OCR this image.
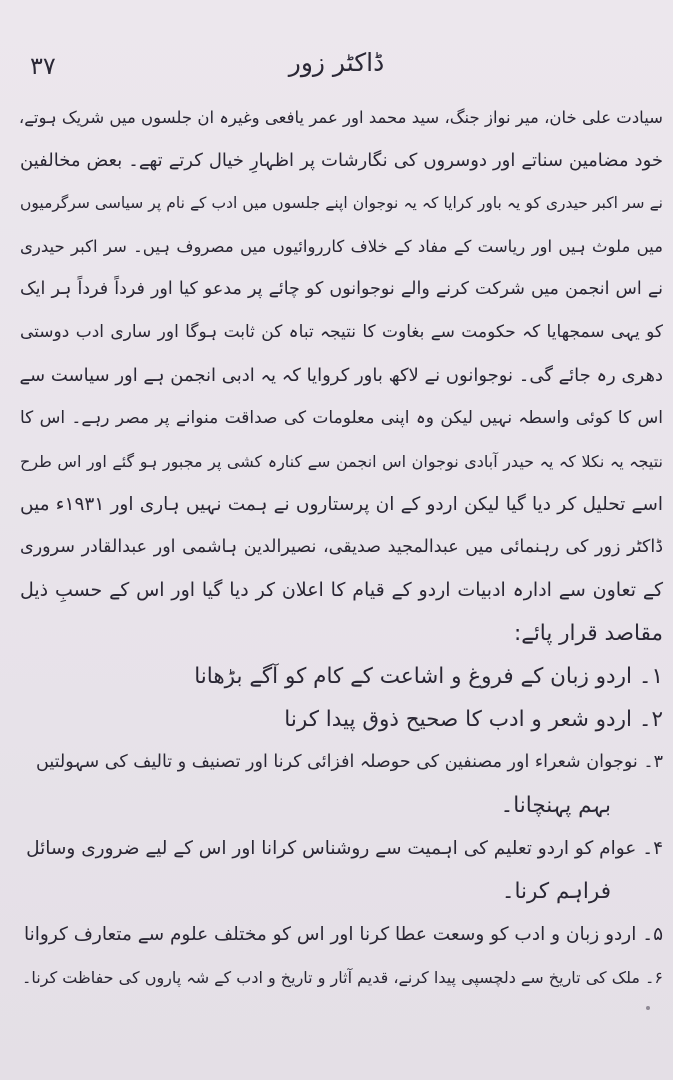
۳۷	ڈاکٹر زور
سیادت علی خان، میر نواز جنگ، سید محمد اور عمر یافعی وغیرہ ان جلسوں میں شریک ہوتے،
خود مضامین سناتے اور دوسروں کی نگارشات پر اظہارِ خیال کرتے تھے۔ بعض مخالفین
نے سر اکبر حیدری کو یہ باور کرایا کہ یہ نوجوان اپنے جلسوں میں ادب کے نام پر سیاسی سرگرمیوں
میں ملوث ہیں اور ریاست کے مفاد کے خلاف کارروائیوں میں مصروف ہیں۔ سر اکبر حیدری
نے اس انجمن میں شرکت کرنے والے نوجوانوں کو چائے پر مدعو کیا اور فرداً فرداً ہر ایک
کو یہی سمجھایا کہ حکومت سے بغاوت کا نتیجہ تباہ کن ثابت ہوگا اور ساری ادب دوستی
دھری رہ جائے گی۔ نوجوانوں نے لاکھ باور کروایا کہ یہ ادبی انجمن ہے اور سیاست سے
اس کا کوئی واسطہ نہیں لیکن وہ اپنی معلومات کی صداقت منوانے پر مصر رہے۔ اس کا
نتیجہ یہ نکلا کہ یہ حیدر آبادی نوجوان اس انجمن سے کنارہ کشی پر مجبور ہو گئے اور اس طرح
اسے تحلیل کر دیا گیا لیکن اردو کے ان پرستاروں نے ہمت نہیں ہاری اور ۱۹۳۱ء میں
ڈاکٹر زور کی رہنمائی میں عبدالمجید صدیقی، نصیرالدین ہاشمی اور عبدالقادر سروری
کے تعاون سے ادارہ ادبیات اردو کے قیام کا اعلان کر دیا گیا اور اس کے حسبِ ذیل
مقاصد قرار پائے:
۱۔ اردو زبان کے فروغ و اشاعت کے کام کو آگے بڑھانا
۲۔ اردو شعر و ادب کا صحیح ذوق پیدا کرنا
۳۔ نوجوان شعراء اور مصنفین کی حوصلہ افزائی کرنا اور تصنیف و تالیف کی سہولتیں
بہم پہنچانا۔
۴۔ عوام کو اردو تعلیم کی اہمیت سے روشناس کرانا اور اس کے لیے ضروری وسائل
فراہم کرنا۔
۵۔ اردو زبان و ادب کو وسعت عطا کرنا اور اس کو مختلف علوم سے متعارف کروانا
۶۔ ملک کی تاریخ سے دلچسپی پیدا کرنے، قدیم آثار و تاریخ و ادب کے شہ پاروں کی حفاظت کرنا۔
